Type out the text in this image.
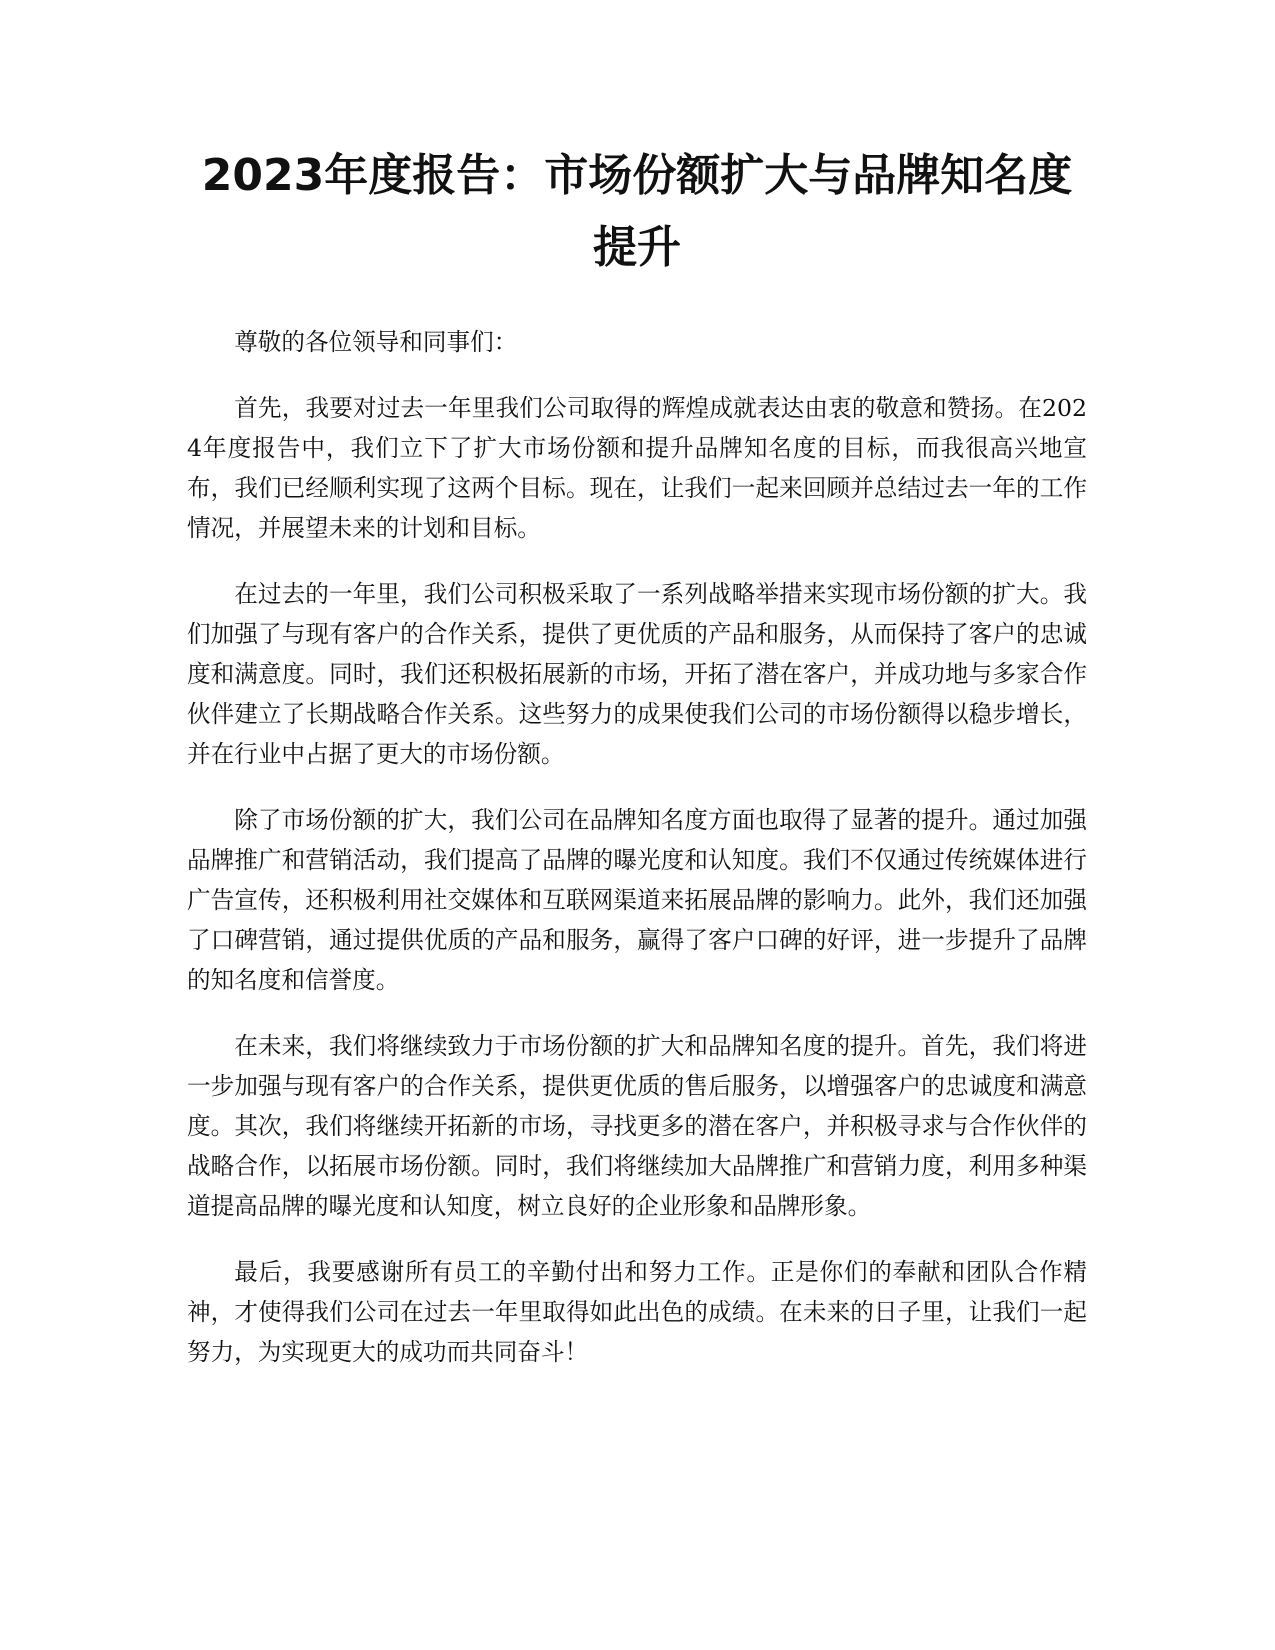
2023年度报告：市场份额扩大与品牌知名度
提升

尊敬的各位领导和同事们：

首先，我要对过去一年里我们公司取得的辉煌成就表达由衷的敬意和赞扬。在2024年度报告中，我们立下了扩大市场份额和提升品牌知名度的目标，而我很高兴地宣布，我们已经顺利实现了这两个目标。现在，让我们一起来回顾并总结过去一年的工作情况，并展望未来的计划和目标。

在过去的一年里，我们公司积极采取了一系列战略举措来实现市场份额的扩大。我们加强了与现有客户的合作关系，提供了更优质的产品和服务，从而保持了客户的忠诚度和满意度。同时，我们还积极拓展新的市场，开拓了潜在客户，并成功地与多家合作伙伴建立了长期战略合作关系。这些努力的成果使我们公司的市场份额得以稳步增长，并在行业中占据了更大的市场份额。

除了市场份额的扩大，我们公司在品牌知名度方面也取得了显著的提升。通过加强品牌推广和营销活动，我们提高了品牌的曝光度和认知度。我们不仅通过传统媒体进行广告宣传，还积极利用社交媒体和互联网渠道来拓展品牌的影响力。此外，我们还加强了口碑营销，通过提供优质的产品和服务，赢得了客户口碑的好评，进一步提升了品牌的知名度和信誉度。

在未来，我们将继续致力于市场份额的扩大和品牌知名度的提升。首先，我们将进一步加强与现有客户的合作关系，提供更优质的售后服务，以增强客户的忠诚度和满意度。其次，我们将继续开拓新的市场，寻找更多的潜在客户，并积极寻求与合作伙伴的战略合作，以拓展市场份额。同时，我们将继续加大品牌推广和营销力度，利用多种渠道提高品牌的曝光度和认知度，树立良好的企业形象和品牌形象。

最后，我要感谢所有员工的辛勤付出和努力工作。正是你们的奉献和团队合作精神，才使得我们公司在过去一年里取得如此出色的成绩。在未来的日子里，让我们一起努力，为实现更大的成功而共同奋斗！
